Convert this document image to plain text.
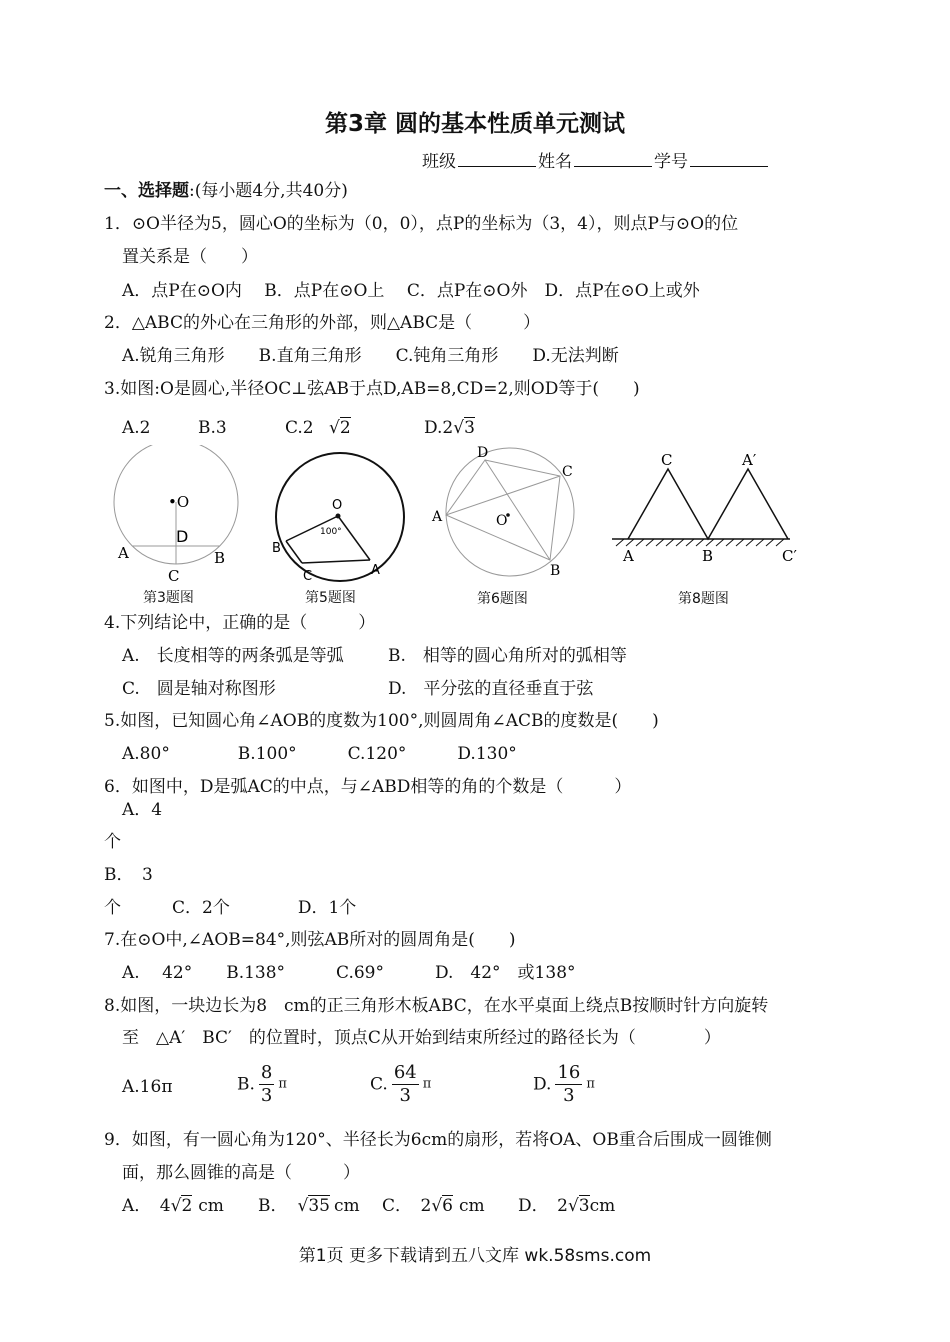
第3章 圆的基本性质单元测试
班级	姓名	学号
一、选择题:(每小题4分,共40分)
1．⊙O半径为5，圆心O的坐标为（0，0），点P的坐标为（3，4），则点P与⊙O的位
置关系是（　　）
A．点P在⊙O内　 B．点P在⊙O上　 C．点P在⊙O外　D．点P在⊙O上或外
2．△ABC的外心在三角形的外部，则△ABC是（　　　）
A.锐角三角形　　B.直角三角形　　C.钝角三角形　　D.无法判断
3.如图:O是圆心,半径OC⊥弦AB于点D,AB=8,CD=2,则OD等于(　　)
A.2	B.3	C.2 √2	D.2√3
•O
D
A	B
C
O
100°
B
C	A
D
C
A	O
B
C	A′
A	B	C′
第3题图	第5题图	第6题图	第8题图
4.下列结论中，正确的是（　　　）
A.　长度相等的两条弧是等弧	B.　相等的圆心角所对的弧相等
C.　圆是轴对称图形	D.　平分弦的直径垂直于弦
5.如图，已知圆心角∠AOB的度数为100°,则圆周角∠ACB的度数是(　　)
A.80°　　　　B.100°　　　C.120°　　　D.130°
6．如图中，D是弧AC的中点，与∠ABD相等的角的个数是（　　　）
A．4
个
B．　3
个　　　C．2个　　　　D．1个
7.在⊙O中,∠AOB=84°,则弦AB所对的圆周角是(　　)
A.　 42°　　B.138°　　　C.69°　　　D.　42°　或138°
8.如图，一块边长为8　cm的正三角形木板ABC，在水平桌面上绕点B按顺时针方向旋转
至　△A′　BC′　的位置时，顶点C从开始到结束所经过的路径长为（　　　　）
A.16π	B. $\frac{8}{3}$ π	C. $\frac{64}{3}$ π	D. $\frac{16}{3}$ π
9．如图，有一圆心角为120°、半径长为6cm的扇形，若将OA、OB重合后围成一圆锥侧
面，那么圆锥的高是（　　　）
A．　4√2 cm B． √35 cm C．　2√6 cm D．　2√3cm
第1页 更多下载请到五八文库 wk.58sms.com
